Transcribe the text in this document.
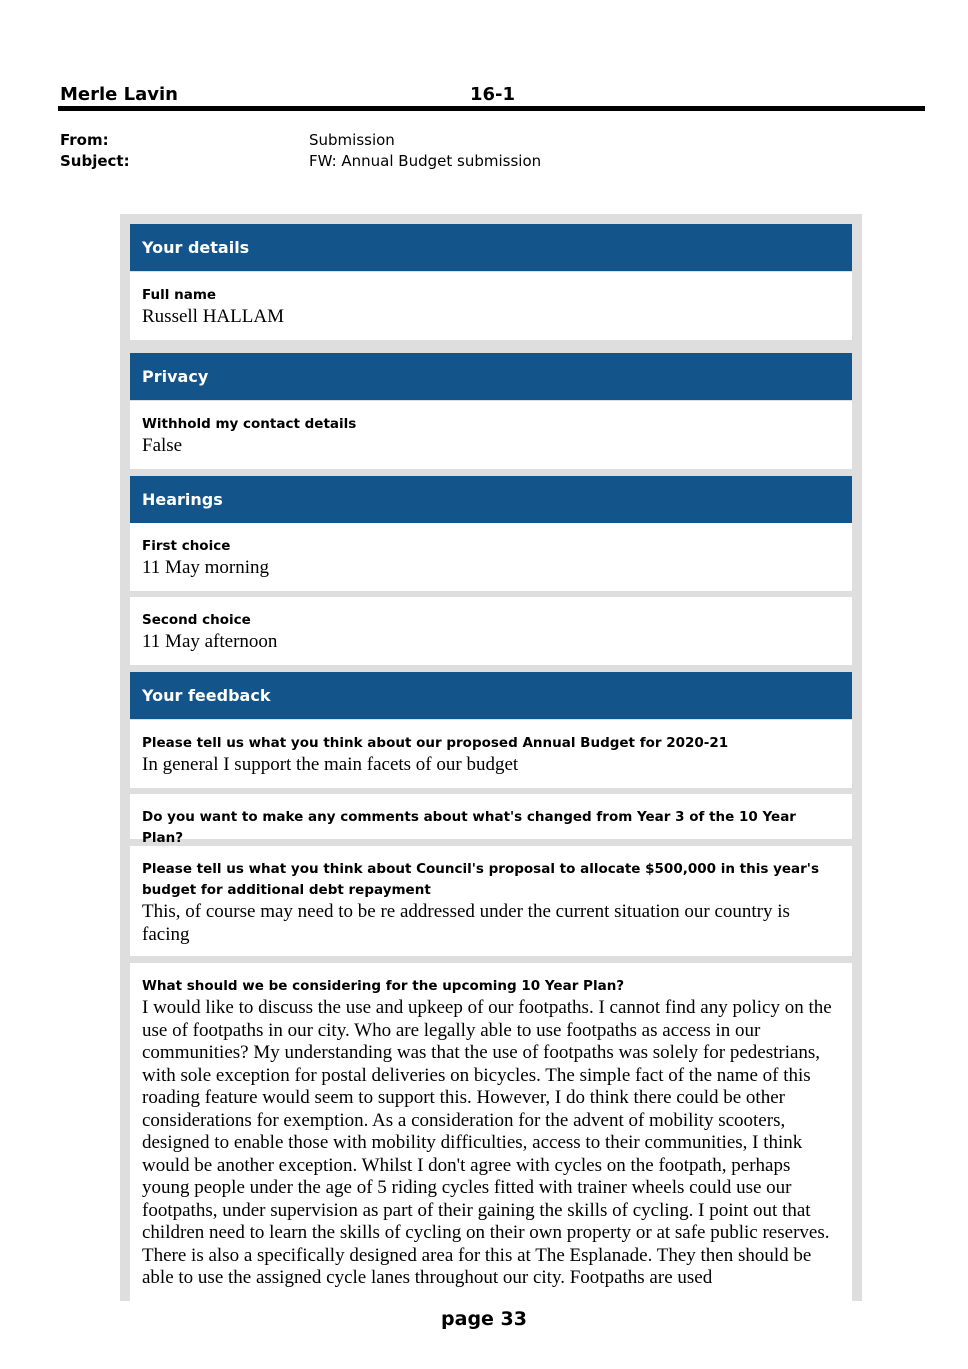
Merle Lavin	16-1
From:	Submission
Subject:	FW: Annual Budget submission
Your details
Full name
Russell HALLAM
Privacy
Withhold my contact details
False
Hearings
First choice
11 May morning
Second choice
11 May afternoon
Your feedback
Please tell us what you think about our proposed Annual Budget for 2020-21
In general I support the main facets of our budget
Do you want to make any comments about what's changed from Year 3 of the 10 Year Plan?
Please tell us what you think about Council's proposal to allocate $500,000 in this year's budget for additional debt repayment
This, of course may need to be re addressed under the current situation our country is facing
What should we be considering for the upcoming 10 Year Plan?
I would like to discuss the use and upkeep of our footpaths. I cannot find any policy on the use of footpaths in our city. Who are legally able to use footpaths as access in our communities? My understanding was that the use of footpaths was solely for pedestrians, with sole exception for postal deliveries on bicycles. The simple fact of the name of this roading feature would seem to support this. However, I do think there could be other considerations for exemption. As a consideration for the advent of mobility scooters, designed to enable those with mobility difficulties, access to their communities, I think would be another exception. Whilst I don't agree with cycles on the footpath, perhaps young people under the age of 5 riding cycles fitted with trainer wheels could use our footpaths, under supervision as part of their gaining the skills of cycling. I point out that children need to learn the skills of cycling on their own property or at safe public reserves. There is also a specifically designed area for this at The Esplanade. They then should be able to use the assigned cycle lanes throughout our city. Footpaths are used
page 33
